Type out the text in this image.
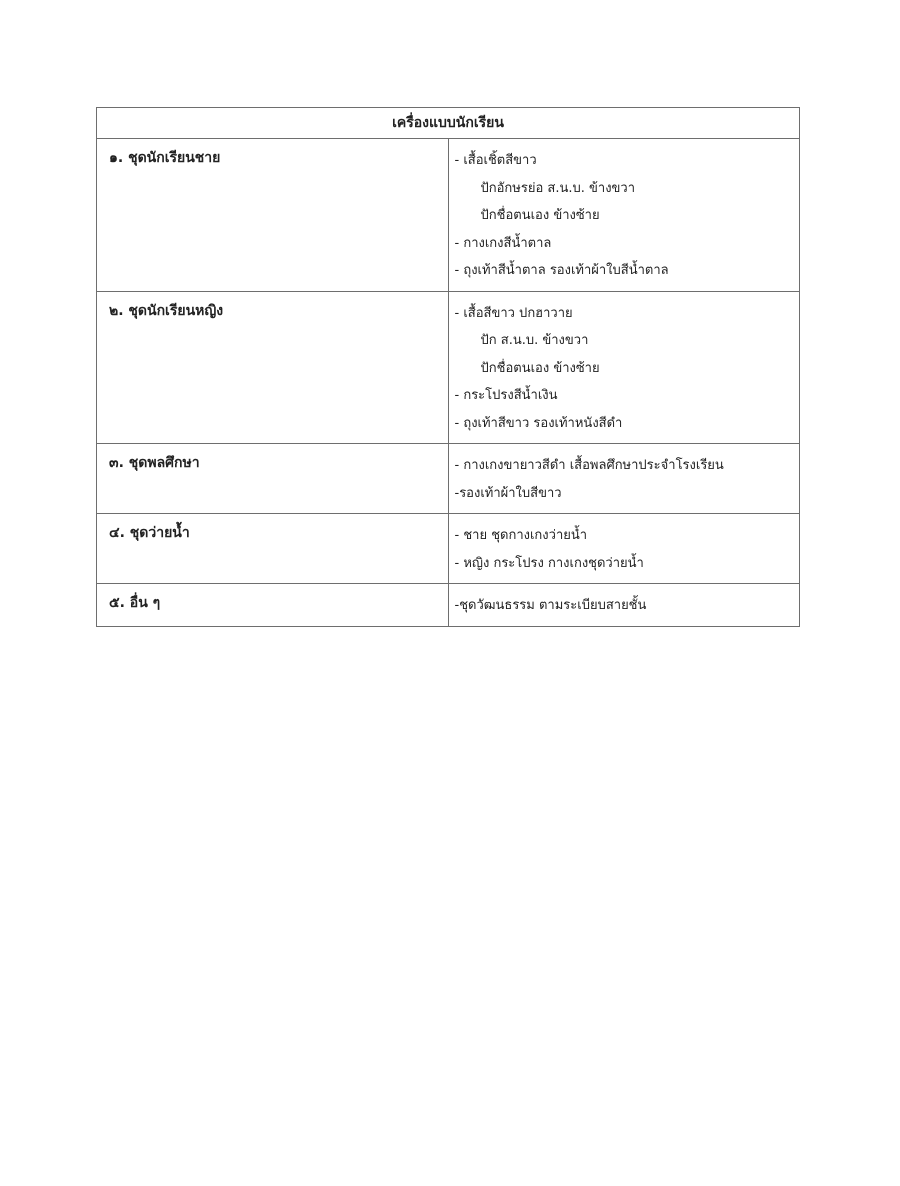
เครื่องแบบนักเรียน	
๑. ชุดนักเรียนชาย	- เสื้อเชิ้ตสีขาว
ปักอักษรย่อ ส.น.บ. ข้างขวา
ปักชื่อตนเอง ข้างซ้าย
- กางเกงสีน้ำตาล
- ถุงเท้าสีน้ำตาล รองเท้าผ้าใบสีน้ำตาล

๒. ชุดนักเรียนหญิง	- เสื้อสีขาว ปกฮาวาย
ปัก ส.น.บ. ข้างขวา
ปักชื่อตนเอง ข้างซ้าย
- กระโปรงสีน้ำเงิน
- ถุงเท้าสีขาว รองเท้าหนังสีดำ

๓. ชุดพลศึกษา	- กางเกงขายาวสีดำ เสื้อพลศึกษาประจำโรงเรียน
-รองเท้าผ้าใบสีขาว

๔. ชุดว่ายน้ำ	- ชาย ชุดกางเกงว่ายน้ำ
- หญิง กระโปรง กางเกงชุดว่ายน้ำ

๕. อื่น ๆ	-ชุดวัฒนธรรม ตามระเบียบสายชั้น
